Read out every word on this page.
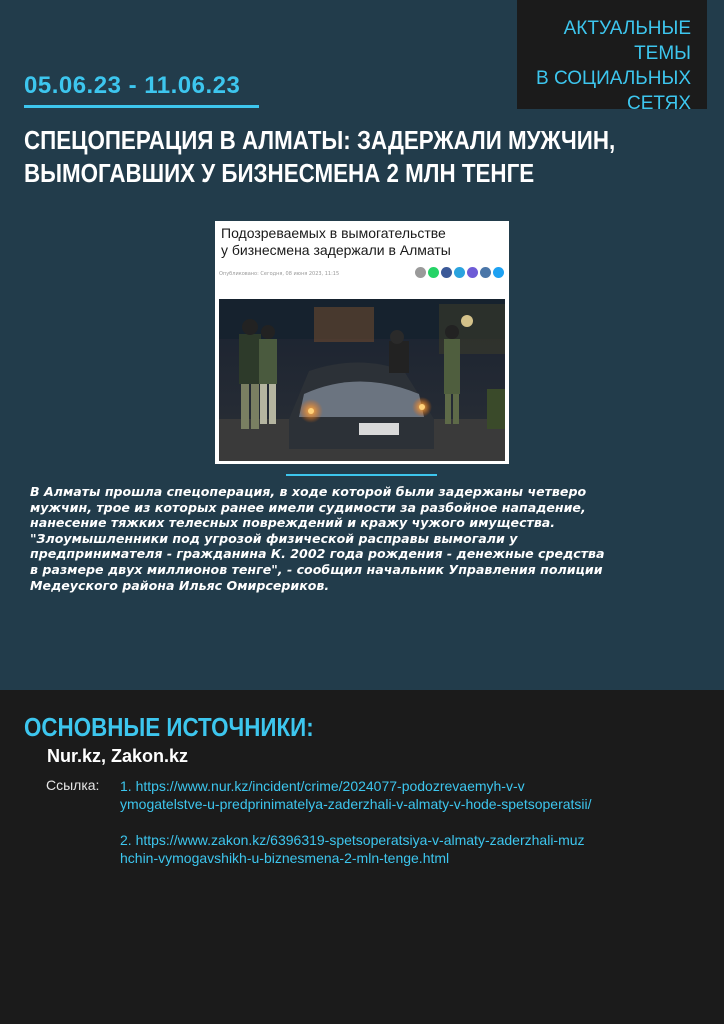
АКТУАЛЬНЫЕ ТЕМЫ
В СОЦИАЛЬНЫХ
СЕТЯХ
05.06.23 - 11.06.23
СПЕЦОПЕРАЦИЯ В АЛМАТЫ: ЗАДЕРЖАЛИ МУЖЧИН,
ВЫМОГАВШИХ У БИЗНЕСМЕНА 2 МЛН ТЕНГЕ
Подозреваемых в вымогательстве
у бизнесмена задержали в Алматы
Опубликовано: Сегодня, 08 июня 2023, 11:15
В Алматы прошла спецоперация, в ходе которой были задержаны четверо
мужчин, трое из которых ранее имели судимости за разбойное нападение,
нанесение тяжких телесных повреждений и кражу чужого имущества.
"Злоумышленники под угрозой физической расправы вымогали у
предпринимателя - гражданина К. 2002 года рождения - денежные средства
в размере двух миллионов тенге", - сообщил начальник Управления полиции
Медеуского района Ильяс Омирсериков.
ОСНОВНЫЕ ИСТОЧНИКИ:
Nur.kz, Zakon.kz
Ссылка: 1. https://www.nur.kz/incident/crime/2024077-podozrevaemyh-v-v
ymogatelstve-u-predprinimatelya-zaderzhali-v-almaty-v-hode-spetsoperatsii/
2. https://www.zakon.kz/6396319-spetsoperatsiya-v-almaty-zaderzhali-muz
hchin-vymogavshikh-u-biznesmena-2-mln-tenge.html
